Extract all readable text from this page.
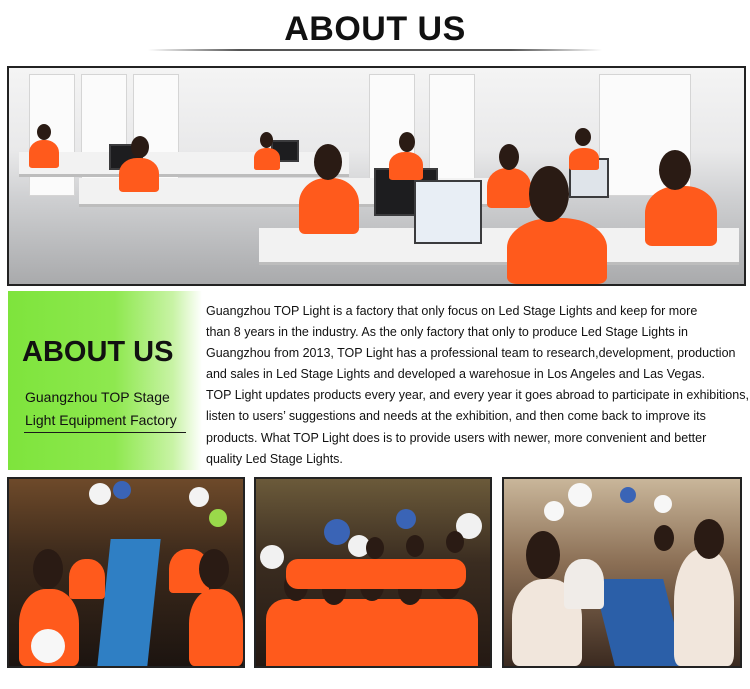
ABOUT US
ABOUT US
Guangzhou TOP Stage
Light Equipment Factory

Guangzhou TOP Light is a factory that only focus on Led Stage Lights and keep for more

than 8 years in the industry. As the only factory that only to produce Led Stage Lights in

Guangzhou from 2013, TOP Light has a professional team to research,development, production

and sales in Led Stage Lights and developed a warehosue in Los Angeles and Las Vegas.

TOP Light updates products every year, and every year it goes abroad to participate in exhibitions,

listen to users’ suggestions and needs at the exhibition, and then come back to improve its

products. What TOP Light does is to provide users with newer, more convenient and better

quality Led Stage Lights.
